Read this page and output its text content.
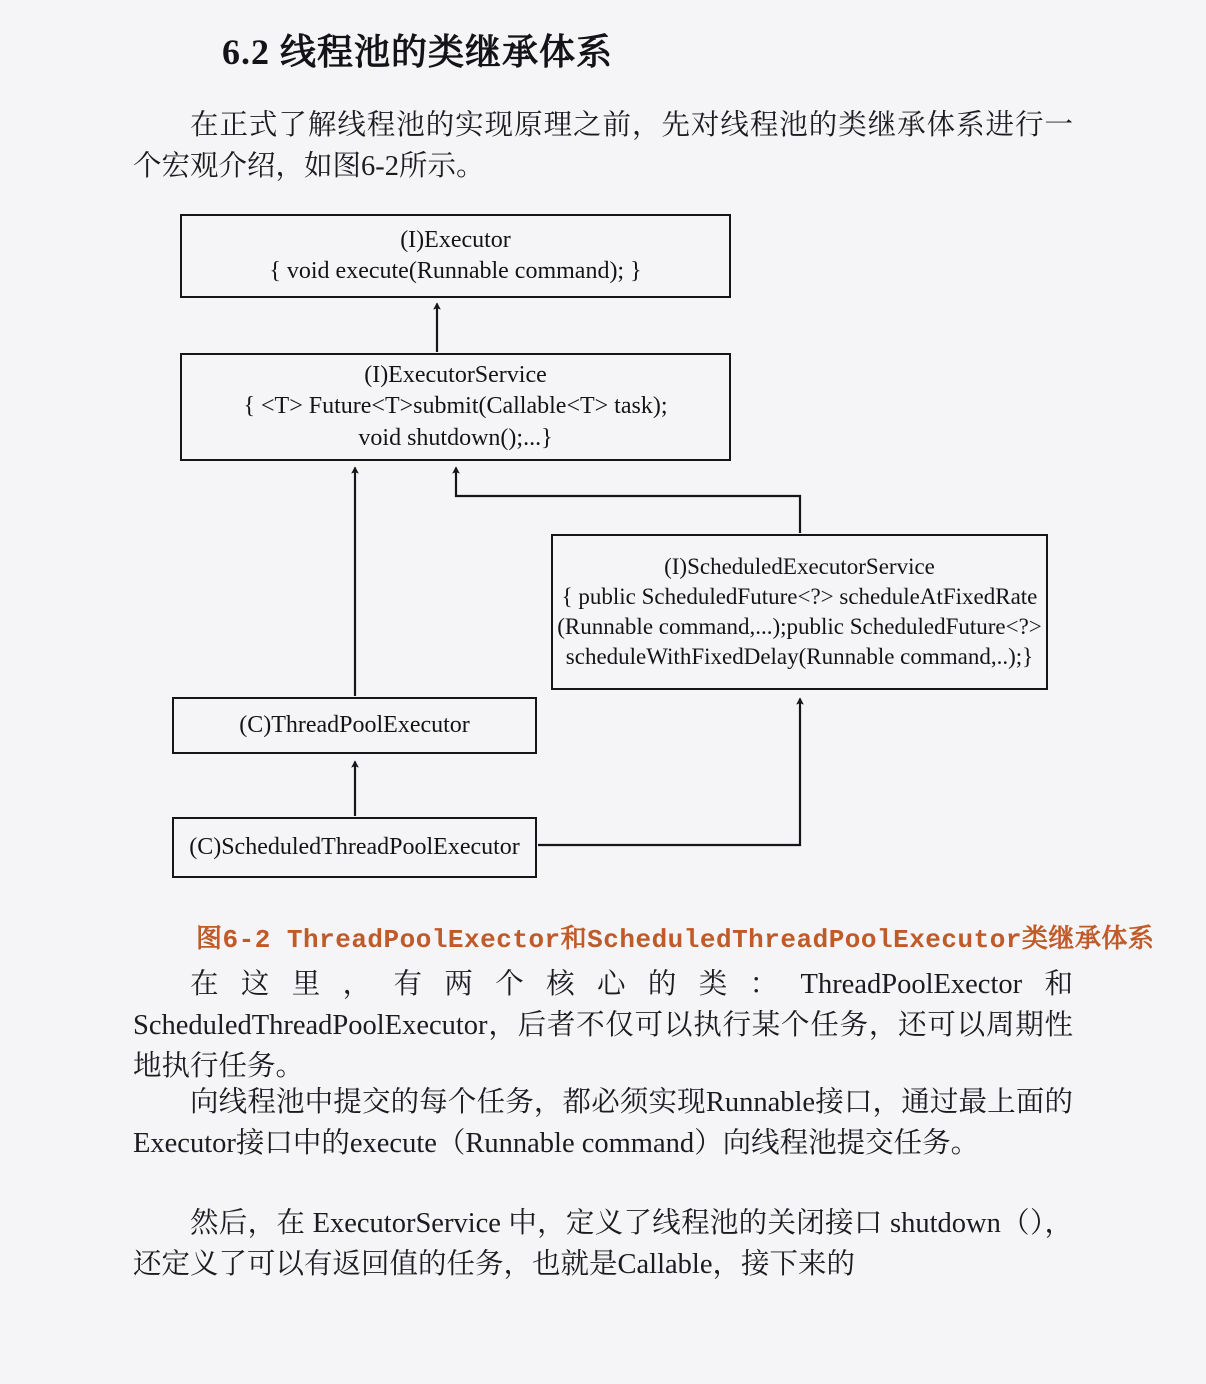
6.2 线程池的类继承体系
在正式了解线程池的实现原理之前，先对线程池的类继承体系进行一个宏观介绍，如图6-2所示。
(I)Executor
{ void execute(Runnable command); }
(I)ExecutorService
{ <T> Future<T>submit(Callable<T> task);
void shutdown();...}
(I)ScheduledExecutorService
{ public ScheduledFuture<?> scheduleAtFixedRate
(Runnable command,...);public ScheduledFuture<?>
scheduleWithFixedDelay(Runnable command,..);}
(C)ThreadPoolExecutor
(C)ScheduledThreadPoolExecutor
图6-2 ThreadPoolExector和ScheduledThreadPoolExecutor类继承体系
在这里，有两个核心的类：ThreadPoolExector和ScheduledThreadPoolExecutor，后者不仅可以执行某个任务，还可以周期性地执行任务。
向线程池中提交的每个任务，都必须实现Runnable接口，通过最上面的Executor接口中的execute（Runnable command）向线程池提交任务。
然后，在 ExecutorService 中，定义了线程池的关闭接口 shutdown（），还定义了可以有返回值的任务，也就是Callable，接下来的
